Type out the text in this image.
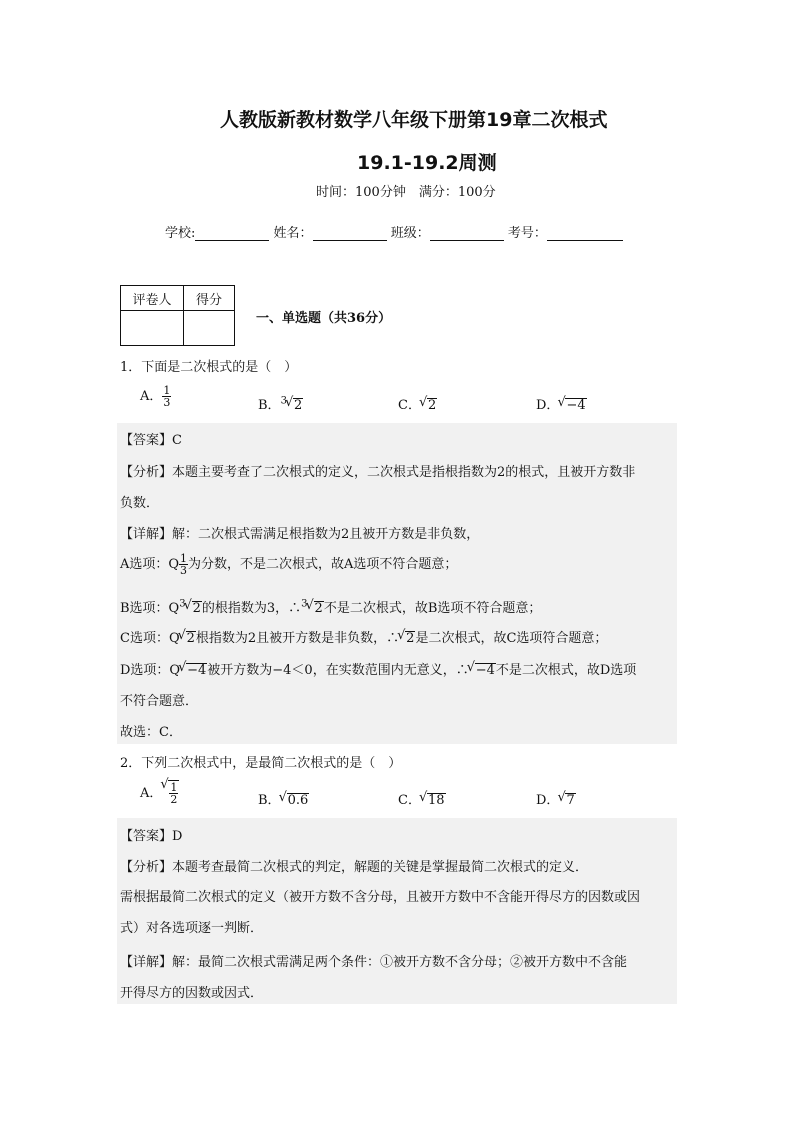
人教版新教材数学八年级下册第19章二次根式
19.1-19.2周测
时间：100分钟　满分：100分
学校:	姓名：	班级：	考号：
评卷人	得分

一、单选题（共36分）
1．下面是二次根式的是（　）
A． $\frac{1}{3}$	B．$^3$ √ 2	C． √ 2	D． √ −4
【答案】C
【分析】本题主要考查了二次根式的定义，二次根式是指根指数为2的根式，且被开方数非
负数．
【详解】解：二次根式需满足根指数为2且被开方数是非负数，
A选项：Q $\frac{1}{3}$ 为分数，不是二次根式，故A选项不符合题意；
B选项：$Q^3$ √ 2的根指数为3，∴$^3$ √ 2不是二次根式，故B选项不符合题意；
C选项：Q √ 2根指数为2且被开方数是非负数，∴ √ 2是二次根式，故C选项符合题意；
D选项：Q √ −4被开方数为−4＜0，在实数范围内无意义，∴ √ −4不是二次根式，故D选项
不符合题意．
故选：C．
2．下列二次根式中，是最简二次根式的是（　）
A． √ $\frac{1}{2}$	B． √ 0.6	C． √ 18	D． √ 7
【答案】D
【分析】本题考查最简二次根式的判定，解题的关键是掌握最简二次根式的定义．
需根据最简二次根式的定义（被开方数不含分母，且被开方数中不含能开得尽方的因数或因
式）对各选项逐一判断．
【详解】解：最简二次根式需满足两个条件：①被开方数不含分母；②被开方数中不含能
开得尽方的因数或因式．
